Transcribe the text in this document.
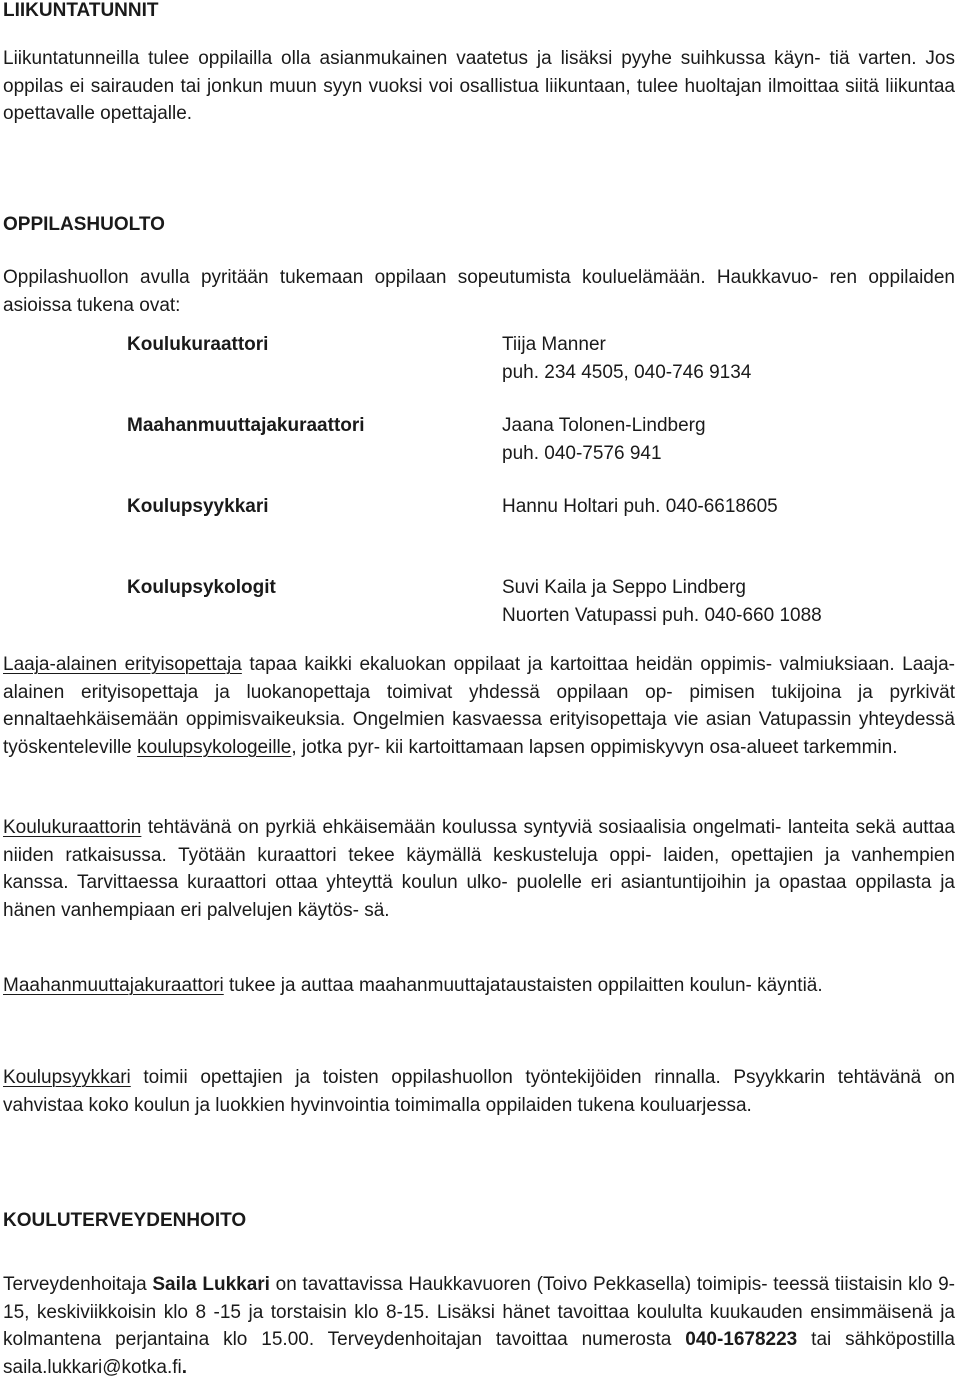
LIIKUNTATUNNIT

Liikuntatunneilla tulee oppilailla olla asianmukainen vaatetus ja lisäksi pyyhe suihkussa käyn- tiä varten. Jos oppilas ei sairauden tai jonkun muun syyn vuoksi voi osallistua liikuntaan, tulee huoltajan ilmoittaa siitä liikuntaa opettavalle opettajalle.

OPPILASHUOLTO

Oppilashuollon avulla pyritään tukemaan oppilaan sopeutumista kouluelämään. Haukkavuo- ren oppilaiden asioissa tukena ovat:

Koulukuraattori	Tiija Manner
puh. 234 4505, 040-746 9134
Maahanmuuttajakuraattori	Jaana Tolonen-Lindberg
puh. 040-7576 941
Koulupsyykkari	Hannu Holtari puh. 040-6618605
Koulupsykologit	Suvi Kaila ja Seppo Lindberg
Nuorten Vatupassi puh. 040-660 1088

Laaja-alainen erityisopettaja tapaa kaikki ekaluokan oppilaat ja kartoittaa heidän oppimis- valmiuksiaan. Laaja-alainen erityisopettaja ja luokanopettaja toimivat yhdessä oppilaan op- pimisen tukijoina ja pyrkivät ennaltaehkäisemään oppimisvaikeuksia. Ongelmien kasvaessa erityisopettaja vie asian Vatupassin yhteydessä työskenteleville koulupsykologeille, jotka pyr- kii kartoittamaan lapsen oppimiskyvyn osa-alueet tarkemmin.

Koulukuraattorin tehtävänä on pyrkiä ehkäisemään koulussa syntyviä sosiaalisia ongelmati- lanteita sekä auttaa niiden ratkaisussa. Työtään kuraattori tekee käymällä keskusteluja oppi- laiden, opettajien ja vanhempien kanssa. Tarvittaessa kuraattori ottaa yhteyttä koulun ulko- puolelle eri asiantuntijoihin ja opastaa oppilasta ja hänen vanhempiaan eri palvelujen käytös- sä.

Maahanmuuttajakuraattori tukee ja auttaa maahanmuuttajataustaisten oppilaitten koulun- käyntiä.

Koulupsyykkari toimii opettajien ja toisten oppilashuollon työntekijöiden rinnalla. Psyykkarin tehtävänä on vahvistaa koko koulun ja luokkien hyvinvointia toimimalla oppilaiden tukena kouluarjessa.

KOULUTERVEYDENHOITO

Terveydenhoitaja Saila Lukkari on tavattavissa Haukkavuoren (Toivo Pekkasella) toimipis- teessä tiistaisin klo 9-15, keskiviikkoisin klo 8 -15 ja torstaisin klo 8-15. Lisäksi hänet tavoittaa koululta kuukauden ensimmäisenä ja kolmantena perjantaina klo 15.00. Terveydenhoitajan tavoittaa numerosta 040-1678223 tai sähköpostilla saila.lukkari@kotka.fi.
